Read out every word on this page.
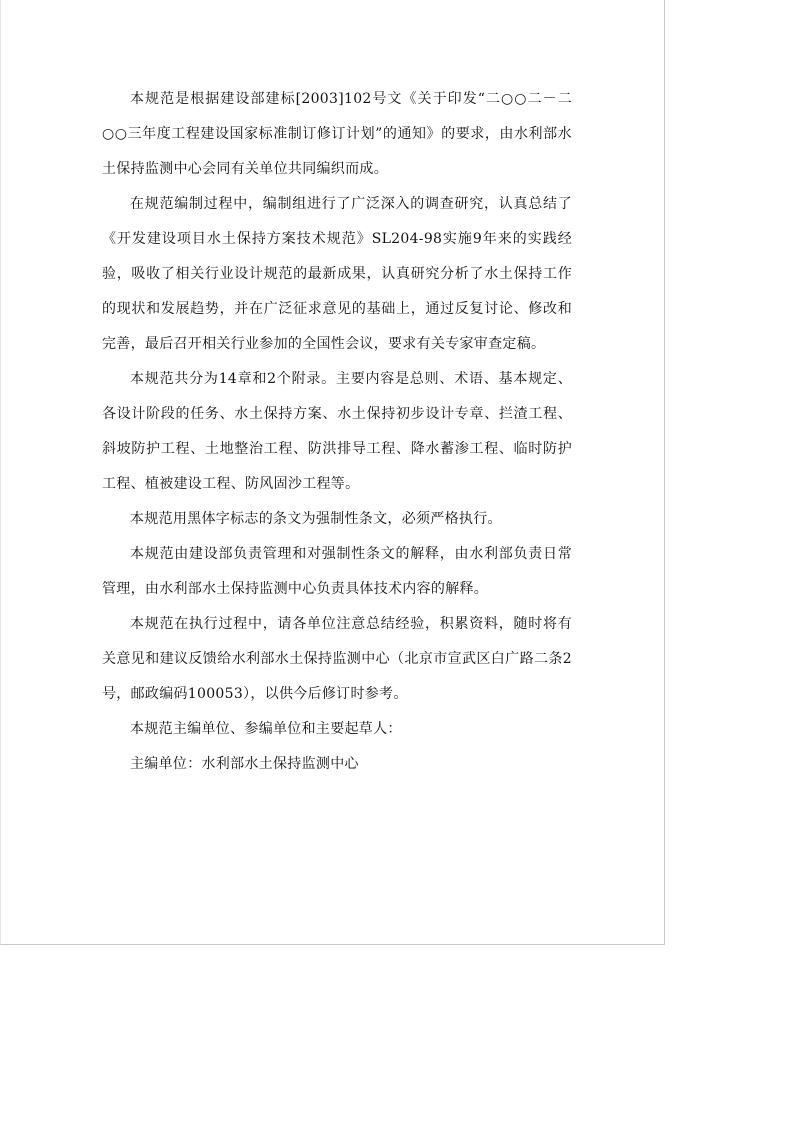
本规范是根据建设部建标[2003]102号文《关于印发“二○○二－二○○三年度工程建设国家标准制订修订计划”的通知》的要求，由水利部水土保持监测中心会同有关单位共同编织而成。

在规范编制过程中，编制组进行了广泛深入的调查研究，认真总结了《开发建设项目水土保持方案技术规范》SL204-98实施9年来的实践经验，吸收了相关行业设计规范的最新成果，认真研究分析了水土保持工作的现状和发展趋势，并在广泛征求意见的基础上，通过反复讨论、修改和完善，最后召开相关行业参加的全国性会议，要求有关专家审查定稿。

本规范共分为14章和2个附录。主要内容是总则、术语、基本规定、各设计阶段的任务、水土保持方案、水土保持初步设计专章、拦渣工程、斜坡防护工程、土地整治工程、防洪排导工程、降水蓄渗工程、临时防护工程、植被建设工程、防风固沙工程等。

本规范用黑体字标志的条文为强制性条文，必须严格执行。

本规范由建设部负责管理和对强制性条文的解释，由水利部负责日常管理，由水利部水土保持监测中心负责具体技术内容的解释。

本规范在执行过程中，请各单位注意总结经验，积累资料，随时将有关意见和建议反馈给水利部水土保持监测中心（北京市宣武区白广路二条2号，邮政编码100053），以供今后修订时参考。

本规范主编单位、参编单位和主要起草人：

主编单位：水利部水土保持监测中心
